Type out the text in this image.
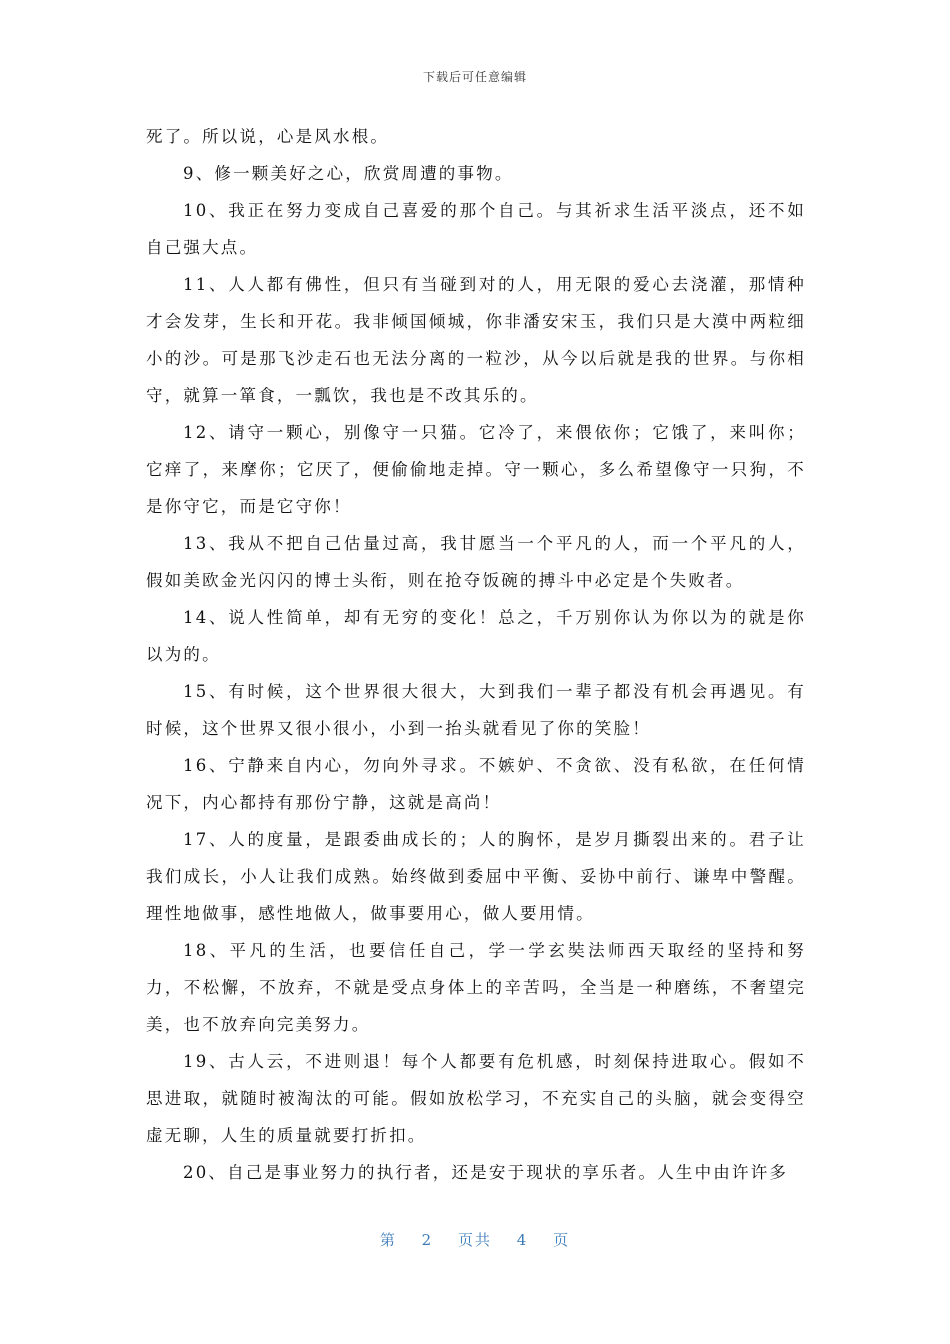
下载后可任意编辑

死了。所以说，心是风水根。

9、修一颗美好之心，欣赏周遭的事物。

10、我正在努力变成自己喜爱的那个自己。与其祈求生活平淡点，还不如自己强大点。

11、人人都有佛性，但只有当碰到对的人，用无限的爱心去浇灌，那情种才会发芽，生长和开花。我非倾国倾城，你非潘安宋玉，我们只是大漠中两粒细小的沙。可是那飞沙走石也无法分离的一粒沙，从今以后就是我的世界。与你相守，就算一箪食，一瓢饮，我也是不改其乐的。

12、请守一颗心，别像守一只猫。它冷了，来偎依你；它饿了，来叫你；它痒了，来摩你；它厌了，便偷偷地走掉。守一颗心，多么希望像守一只狗，不是你守它，而是它守你！

13、我从不把自己估量过高，我甘愿当一个平凡的人，而一个平凡的人，假如美欧金光闪闪的博士头衔，则在抢夺饭碗的搏斗中必定是个失败者。

14、说人性简单，却有无穷的变化！总之，千万别你认为你以为的就是你以为的。

15、有时候，这个世界很大很大，大到我们一辈子都没有机会再遇见。有时候，这个世界又很小很小，小到一抬头就看见了你的笑脸！

16、宁静来自内心，勿向外寻求。不嫉妒、不贪欲、没有私欲，在任何情况下，内心都持有那份宁静，这就是高尚！

17、人的度量，是跟委曲成长的；人的胸怀，是岁月撕裂出来的。君子让我们成长，小人让我们成熟。始终做到委屈中平衡、妥协中前行、谦卑中警醒。理性地做事，感性地做人，做事要用心，做人要用情。

18、平凡的生活，也要信任自己，学一学玄奘法师西天取经的坚持和努力，不松懈，不放弃，不就是受点身体上的辛苦吗，全当是一种磨练，不奢望完美，也不放弃向完美努力。

19、古人云，不进则退！每个人都要有危机感，时刻保持进取心。假如不思进取，就随时被淘汰的可能。假如放松学习，不充实自己的头脑，就会变得空虚无聊，人生的质量就要打折扣。

20、自己是事业努力的执行者，还是安于现状的享乐者。人生中由许许多

第 2 页共 4 页
